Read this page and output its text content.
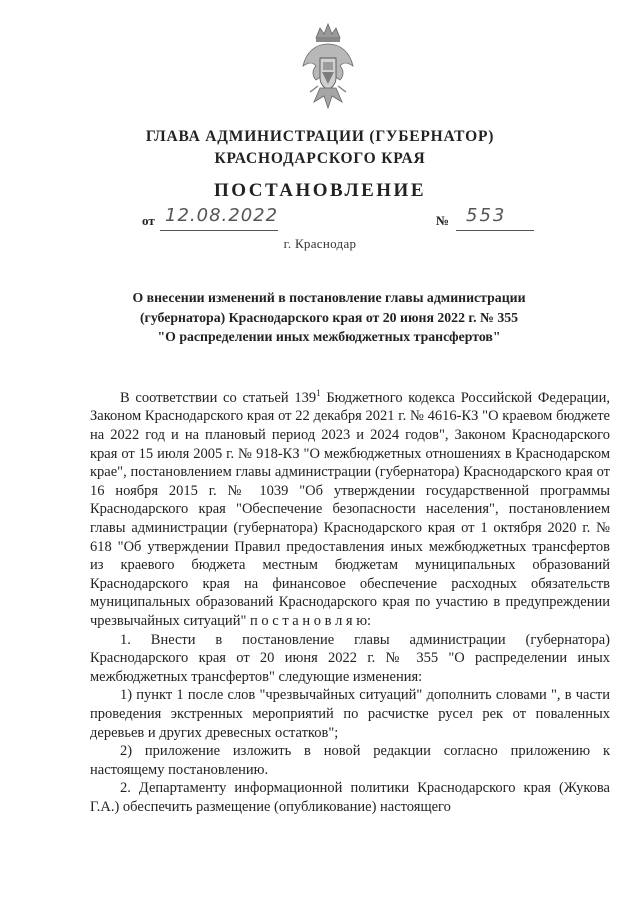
ГЛАВА АДМИНИСТРАЦИИ (ГУБЕРНАТОР)
КРАСНОДАРСКОГО КРАЯ
ПОСТАНОВЛЕНИЕ
от 12.08.2022	№ 553
г. Краснодар
О внесении изменений в постановление главы администрации
(губернатора) Краснодарского края от 20 июня 2022 г. № 355
"О распределении иных межбюджетных трансфертов"

В соответствии со статьей $139^1$ Бюджетного кодекса Российской Федерации, Законом Краснодарского края от 22 декабря 2021 г. № 4616-КЗ "О краевом бюджете на 2022 год и на плановый период 2023 и 2024 годов", Законом Краснодарского края от 15 июля 2005 г. № 918-КЗ "О межбюджетных отношениях в Краснодарском крае", постановлением главы администрации (губернатора) Краснодарского края от 16 ноября 2015 г. № 1039 "Об утверждении государственной программы Краснодарского края "Обеспечение безопасности населения", постановлением главы администрации (губернатора) Краснодарского края от 1 октября 2020 г. № 618 "Об утверждении Правил предоставления иных межбюджетных трансфертов из краевого бюджета местным бюджетам муниципальных образований Краснодарского края на финансовое обеспечение расходных обязательств муниципальных образований Краснодарского края по участию в предупреждении чрезвычайных ситуаций" п о с т а н о в л я ю:

1. Внести в постановление главы администрации (губернатора) Краснодарского края от 20 июня 2022 г. № 355 "О распределении иных межбюджетных трансфертов" следующие изменения:

1) пункт 1 после слов "чрезвычайных ситуаций" дополнить словами ", в части проведения экстренных мероприятий по расчистке русел рек от поваленных деревьев и других древесных остатков";

2) приложение изложить в новой редакции согласно приложению к настоящему постановлению.

2. Департаменту информационной политики Краснодарского края (Жукова Г.А.) обеспечить размещение (опубликование) настоящего
